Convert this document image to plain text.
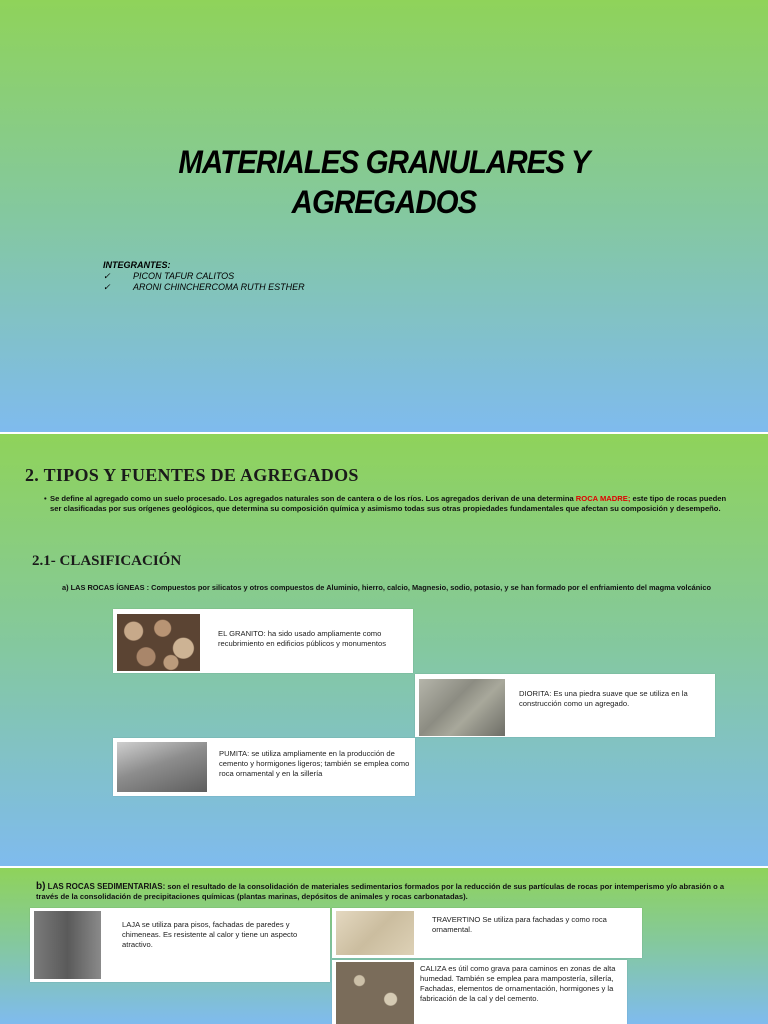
MATERIALES GRANULARES Y
AGREGADOS
INTEGRANTES:
✓ PICON TAFUR CALITOS
✓ ARONI CHINCHERCOMA RUTH ESTHER
2. TIPOS Y FUENTES DE AGREGADOS

• Se define al agregado como un suelo procesado. Los agregados naturales son de cantera o de los ríos. Los agregados derivan de una determina ROCA MADRE; este tipo de rocas pueden ser clasificadas por sus orígenes geológicos, que determina su composición química y asimismo todas sus otras propiedades fundamentales que afectan su composición y desempeño.

2.1- CLASIFICACIÓN

a) LAS ROCAS ÍGNEAS : Compuestos por silicatos y otros compuestos de Aluminio, hierro, calcio, Magnesio, sodio, potasio, y se han formado por el enfriamiento del magma volcánico

EL GRANITO: ha sido usado ampliamente como recubrimiento en edificios públicos y monumentos
DIORITA: Es una piedra suave que se utiliza en la construcción como un agregado.
PUMITA: se utiliza ampliamente en la producción de cemento y hormigones ligeros; también se emplea como roca ornamental y en la sillería

b) LAS ROCAS SEDIMENTARIAS: son el resultado de la consolidación de materiales sedimentarios formados por la reducción de sus partículas de rocas por intemperismo y/o abrasión o a través de la consolidación de precipitaciones químicas (plantas marinas, depósitos de animales y rocas carbonatadas).

LAJA se utiliza para pisos, fachadas de paredes y chimeneas. Es resistente al calor y tiene un aspecto atractivo.
TRAVERTINO Se utiliza para fachadas y como roca ornamental.
CALIZA es útil como grava para caminos en zonas de alta humedad. También se emplea para mampostería, sillería, Fachadas, elementos de ornamentación, hormigones y la fabricación de la cal y del cemento.
